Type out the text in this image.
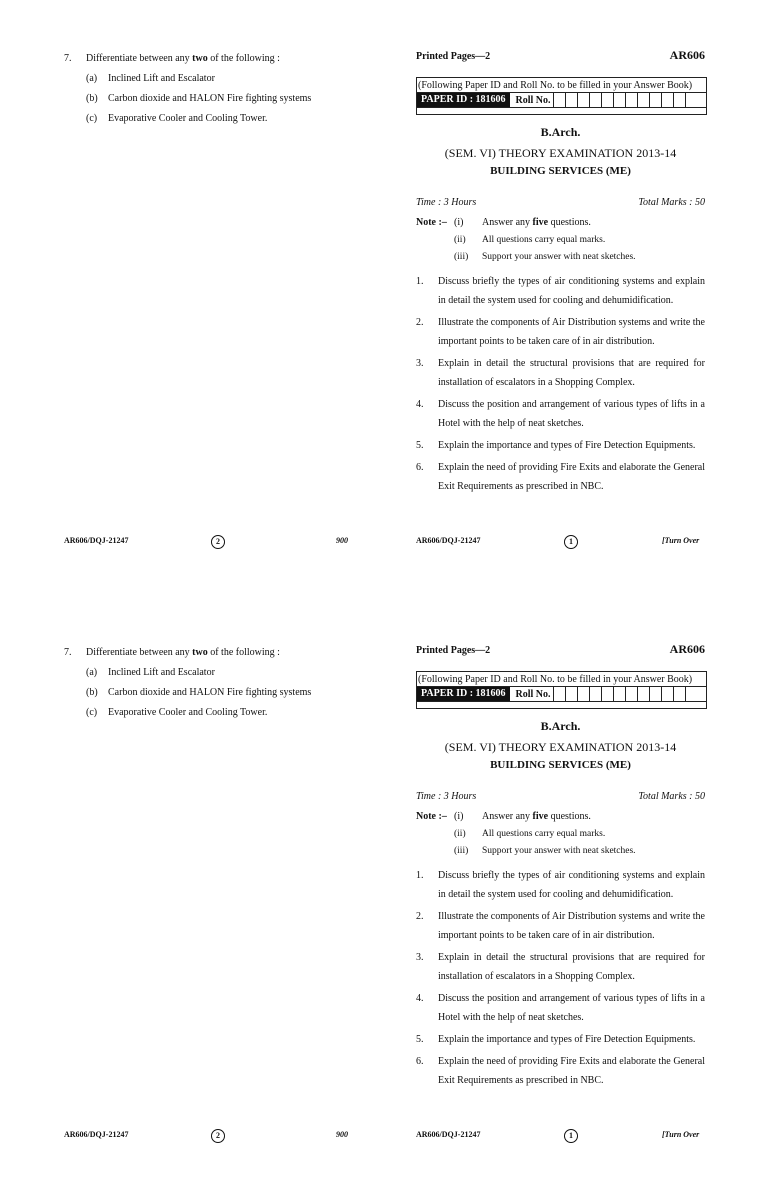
7.	Differentiate between any two of the following :
(a)	Inclined Lift and Escalator
(b)	Carbon dioxide and HALON Fire fighting systems
(c)	Evaporative Cooler and Cooling Tower.
Printed Pages—2	AR606
(Following Paper ID and Roll No. to be filled in your Answer Book)
PAPER ID : 181606	Roll No.
B.Arch.
(SEM. VI) THEORY EXAMINATION 2013-14
BUILDING SERVICES (ME)
Time : 3 Hours	Total Marks : 50
Note :– (i)	Answer any five questions.
(ii)	All questions carry equal marks.
(iii)	Support your answer with neat sketches.
1.	Discuss briefly the types of air conditioning systems and explain in detail the system used for cooling and dehumidification.
2.	Illustrate the components of Air Distribution systems and write the important points to be taken care of in air distribution.
3.	Explain in detail the structural provisions that are required for installation of escalators in a Shopping Complex.
4.	Discuss the position and arrangement of various types of lifts in a Hotel with the help of neat sketches.
5.	Explain the importance and types of Fire Detection Equipments.
6.	Explain the need of providing Fire Exits and elaborate the General Exit Requirements as prescribed in NBC.
AR606/DQJ-21247	2	900	AR606/DQJ-21247	1	[Turn Over
7.	Differentiate between any two of the following :
(a)	Inclined Lift and Escalator
(b)	Carbon dioxide and HALON Fire fighting systems
(c)	Evaporative Cooler and Cooling Tower.
Printed Pages—2	AR606
(Following Paper ID and Roll No. to be filled in your Answer Book)
PAPER ID : 181606	Roll No.
B.Arch.
(SEM. VI) THEORY EXAMINATION 2013-14
BUILDING SERVICES (ME)
Time : 3 Hours	Total Marks : 50
Note :– (i)	Answer any five questions.
(ii)	All questions carry equal marks.
(iii)	Support your answer with neat sketches.
1.	Discuss briefly the types of air conditioning systems and explain in detail the system used for cooling and dehumidification.
2.	Illustrate the components of Air Distribution systems and write the important points to be taken care of in air distribution.
3.	Explain in detail the structural provisions that are required for installation of escalators in a Shopping Complex.
4.	Discuss the position and arrangement of various types of lifts in a Hotel with the help of neat sketches.
5.	Explain the importance and types of Fire Detection Equipments.
6.	Explain the need of providing Fire Exits and elaborate the General Exit Requirements as prescribed in NBC.
AR606/DQJ-21247	2	900	AR606/DQJ-21247	1	[Turn Over
